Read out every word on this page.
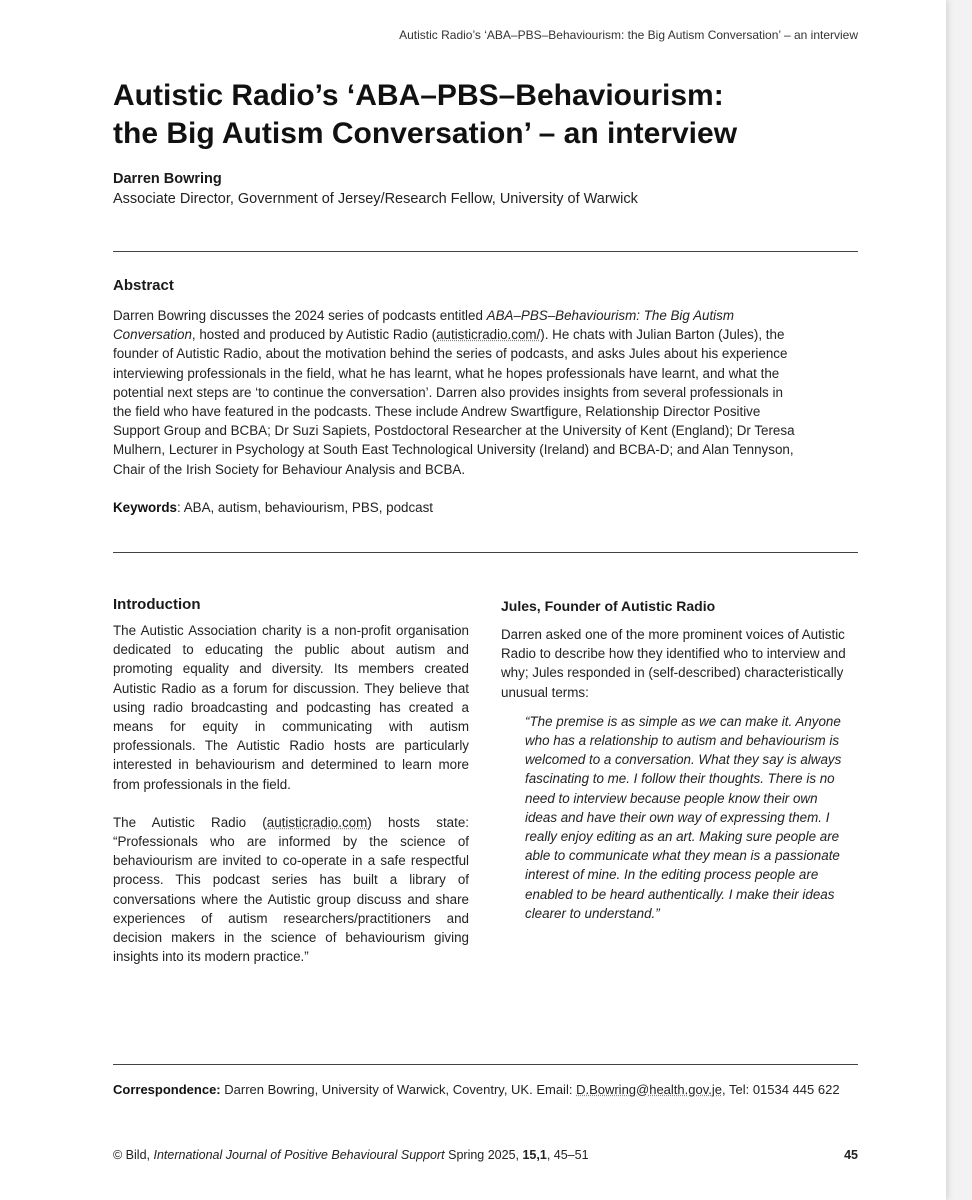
Autistic Radio’s ‘ABA–PBS–Behaviourism: the Big Autism Conversation’ – an interview
Autistic Radio’s ‘ABA–PBS–Behaviourism:
the Big Autism Conversation’ – an interview
Darren Bowring
Associate Director, Government of Jersey/Research Fellow, University of Warwick
Abstract

Darren Bowring discusses the 2024 series of podcasts entitled ABA–PBS–Behaviourism: The Big Autism Conversation, hosted and produced by Autistic Radio (autisticradio.com/). He chats with Julian Barton (Jules), the founder of Autistic Radio, about the motivation behind the series of podcasts, and asks Jules about his experience interviewing professionals in the field, what he has learnt, what he hopes professionals have learnt, and what the potential next steps are ‘to continue the conversation’. Darren also provides insights from several professionals in the field who have featured in the podcasts. These include Andrew Swartfigure, Relationship Director Positive Support Group and BCBA; Dr Suzi Sapiets, Postdoctoral Researcher at the University of Kent (England); Dr Teresa Mulhern, Lecturer in Psychology at South East Technological University (Ireland) and BCBA-D; and Alan Tennyson, Chair of the Irish Society for Behaviour Analysis and BCBA.

Keywords: ABA, autism, behaviourism, PBS, podcast
Introduction

The Autistic Association charity is a non-profit organisation dedicated to educating the public about autism and promoting equality and diversity. Its members created Autistic Radio as a forum for discussion. They believe that using radio broadcasting and podcasting has created a means for equity in communicating with autism professionals. The Autistic Radio hosts are particularly interested in behaviourism and determined to learn more from professionals in the field.

The Autistic Radio (autisticradio.com) hosts state: “Professionals who are informed by the science of behaviourism are invited to co-operate in a safe respectful process. This podcast series has built a library of conversations where the Autistic group discuss and share experiences of autism researchers/practitioners and decision makers in the science of behaviourism giving insights into its modern practice.”

Jules, Founder of Autistic Radio

Darren asked one of the more prominent voices of Autistic Radio to describe how they identified who to interview and why; Jules responded in (self-described) characteristically unusual terms:

“The premise is as simple as we can make it. Anyone who has a relationship to autism and behaviourism is welcomed to a conversation. What they say is always fascinating to me. I follow their thoughts. There is no need to interview because people know their own ideas and have their own way of expressing them. I really enjoy editing as an art. Making sure people are able to communicate what they mean is a passionate interest of mine. In the editing process people are enabled to be heard authentically. I make their ideas clearer to understand.”

Correspondence: Darren Bowring, University of Warwick, Coventry, UK. Email: D.Bowring@health.gov.je, Tel: 01534 445 622
© Bild, International Journal of Positive Behavioural Support Spring 2025, 15,1, 45–51	45
